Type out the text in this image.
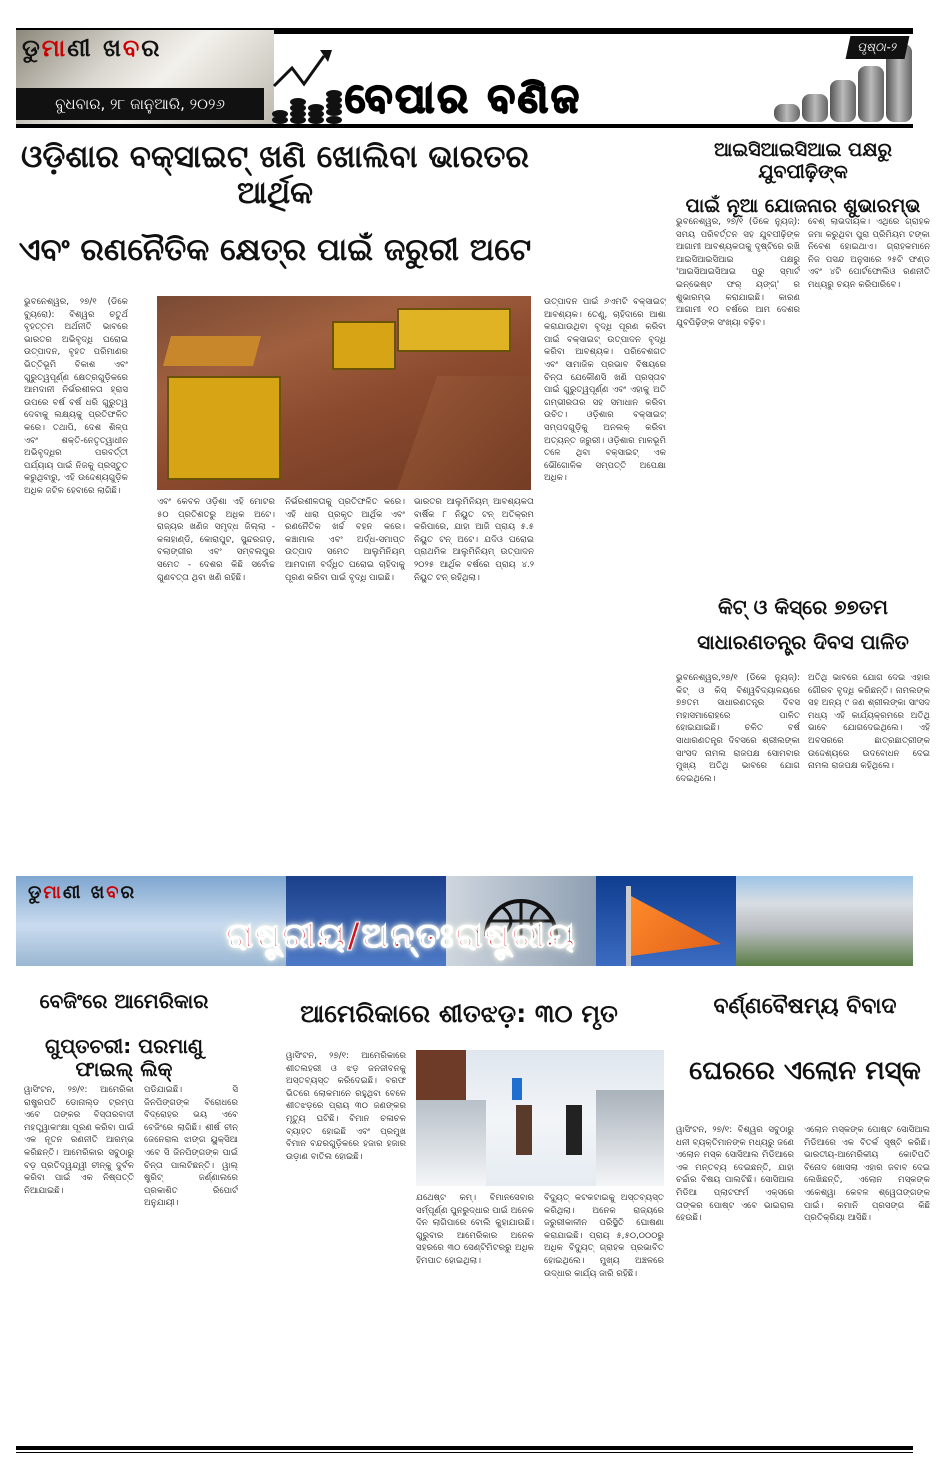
ଡୁମାଣୀ ଖବର
ବୁଧବାର, ୨୮ ଜାନୁଆରି, ୨୦୨୬	ବେପାର ବଣିଜ
ପୃଷ୍ଠା-୨
ଓଡ଼ିଶାର ବକ୍ସାଇଟ୍ ଖଣି ଖୋଲିବା ଭାରତର ଆର୍ଥିକ
ଏବଂ ରଣନୈତିକ କ୍ଷେତ୍ର ପାଇଁ ଜରୁରୀ ଅଟେ

ଭୁବନେଶ୍ୱର, ୨୭/୧ (ଡିକେ ବ୍ୟୁରୋ): ବିଶ୍ୱର ଚତୁର୍ଥ ବୃହତ୍ତମ ଅର୍ଥନୀତି ଭାବରେ ଭାରତର ଅଭିବୃଦ୍ଧି ଘରୋଇ ଉତ୍ପାଦନ, ବୃହତ ପରିମାଣର ଭିତ୍ତିଭୂମି ବିକାଶ ଏବଂ ଗୁରୁତ୍ୱପୂର୍ଣ୍ଣ କ୍ଷେତ୍ରଗୁଡ଼ିକରେ ଆମଦାନୀ ନିର୍ଭରଶୀଳତା ହ୍ରାସ ଉପରେ ବର୍ଷ ବର୍ଷ ଧରି ଗୁରୁତ୍ୱ ଦେବାକୁ ଲକ୍ଷ୍ୟକୁ ପ୍ରତିଫଳିତ କରେ। ତଥାପି, ଦେଶ ଶିଳ୍ପ ଏବଂ ଶକ୍ତି-ନେତୃତ୍ୱାଧୀନ ଅଭିବୃଦ୍ଧିର ପରବର୍ତ୍ତୀ ପର୍ଯ୍ୟାୟ ପାଇଁ ନିଜକୁ ପ୍ରସ୍ତୁତ କରୁଥିବାରୁ, ଏହି ଉଦ୍ଦେଶ୍ୟଗୁଡ଼ିକ ଅଧିକ ଜଟିଳ ହେବାରେ ଲାଗିଛି।

ଏବଂ କେବଳ ଓଡ଼ିଶା ଏହି ମୋଟର ୫୦ ପ୍ରତିଶତରୁ ଅଧିକ ଅଟେ। ରାଜ୍ୟର ଖଣିଜ ସମୃଦ୍ଧ ଜିଲ୍ଲା - କଳାହାଣ୍ଡି, କୋରାପୁଟ, ସୁନ୍ଦରଗଡ଼, ବଲାଙ୍ଗୀର ଏବଂ ସମ୍ବଲପୁର ସମେତ - ଦେଶର କିଛି ସର୍ବୋଚ୍ଚ ଗୁଣବତ୍ତା ଥିବା ଖଣି ରହିଛି।

ନିର୍ଭରଶୀଳତାକୁ ପ୍ରତିଫଳିତ କରେ। ଏହି ଧାରା ପ୍ରକୃତ ଆର୍ଥିକ ଏବଂ ରଣନୈତିକ ଖର୍ଚ୍ଚ ବହନ କରେ। କଞ୍ଚାମାଲ ଏବଂ ଅର୍ଦ୍ଧ-ସମାପ୍ତ ଉତ୍ପାଦ ସମେତ ଆଲୁମିନିୟମ୍ ଆମଦାନୀ ବର୍ଦ୍ଧିତ ଘରୋଇ ଚାହିଦାକୁ ପୂରଣ କରିବା ପାଇଁ ବୃଦ୍ଧି ପାଇଛି।

ଭାରତର ଆଲୁମିନିୟମ୍ ଆବଶ୍ୟକତା ବାର୍ଷିକ ୮ ନିୟୁତ ଟନ୍ ଅତିକ୍ରମ କରିପାରେ, ଯାହା ଆଜି ପ୍ରାୟ ୫.୫ ନିୟୁତ ଟନ୍ ଅଟେ। ଯଦିଓ ଘରୋଇ ପ୍ରାଥମିକ ଆଲୁମିନିୟମ୍ ଉତ୍ପାଦନ ୨୦୨୫ ଆର୍ଥିକ ବର୍ଷରେ ପ୍ରାୟ ୪.୨ ନିୟୁତ ଟନ୍ ରହିଥିଲା।

ଉତ୍ପାଦନ ପାଇଁ ୬ଏମଟି ବକ୍ସାଇଟ୍ ଆବଶ୍ୟକ। ତେଣୁ, ଚାହିଦାରେ ଆଶା କରାଯାଉଥିବା ବୃଦ୍ଧି ପୂରଣ କରିବା ପାଇଁ ବକ୍ସାଇଟ୍ ଉତ୍ପାଦନ ବୃଦ୍ଧି କରିବା ଆବଶ୍ୟକ। ପରିବେଶଗତ ଏବଂ ସାମାଜିକ ପ୍ରଭାବ ବିଷୟରେ ଚିନ୍ତା ଯେକୌଣସି ଖଣି ପ୍ରସ୍ତାବ ପାଇଁ ଗୁରୁତ୍ୱପୂର୍ଣ୍ଣ ଏବଂ ଏହାକୁ ଅତି ଗମ୍ଭୀରତାର ସହ ସମାଧାନ କରିବା ଉଚିତ। ଓଡ଼ିଶାର ବକ୍ସାଇଟ୍ ସମ୍ପଦଗୁଡ଼ିକୁ ଅନଲକ୍ କରିବା ଅତ୍ୟନ୍ତ ଜରୁରୀ। ଓଡ଼ିଶାର ମାଳଭୂମି ତଳେ ଥିବା ବକ୍ସାଇଟ୍ ଏକ ଭୌଗୋଳିକ ସମ୍ପତ୍ତି ଅପେକ୍ଷା ଅଧିକ।

ଆଇସିଆଇସିଆଇ ପକ୍ଷରୁ ଯୁବପୀଢ଼ିଙ୍କ
ପାଇଁ ନୂଆ ଯୋଜନାର ଶୁଭାରମ୍ଭ

ଭୁବନେଶ୍ୱର, ୨୭/୧ (ଡିକେ ନ୍ୟୁଜ୍): ସମୟ ପରିବର୍ତ୍ତନ ସହ ଯୁବପୀଢ଼ିଙ୍କ ଆଗାମୀ ଆବଶ୍ୟକତାକୁ ଦୃଷ୍ଟିରେ ରଖି ଆଇସିଆଇସିଆଇ ପକ୍ଷରୁ 'ଆଇସିଆଇସିଆଇ ପ୍ରୁ ସ୍ମାର୍ଟ ଇନ୍‌ଭେଷ୍ଟ ଫର୍ ୟଙ୍ଗ୍' ର ଶୁଭାରମ୍ଭ କରାଯାଇଛି। କାରଣ ଆଗାମୀ ୧୦ ବର୍ଷରେ ଆମ ଦେଶର ଯୁବପିଢ଼ିଙ୍କ ସଂଖ୍ୟା ବଢ଼ିବ।

ବେଶ୍ ଲାଭଦାୟକ। ଏଥିରେ ଗ୍ରାହକ ଜମା କରୁଥିବା ପୁରା ପ୍ରିମିୟମ ଟଙ୍କା ନିବେଶ ହୋଇଥାଏ। ଗ୍ରାହକମାନେ ନିଜ ପସନ୍ଦ ଅନୁସାରେ ୨୫ଟି ଫଣ୍ଡ ଏବଂ ୪ଟି ପୋର୍ଟଫୋଲିଓ ରଣନୀତି ମଧ୍ୟରୁ ଚୟନ କରିପାରିବେ।

କିଟ୍ ଓ କିସ୍‌ରେ ୭୭ତମ
ସାଧାରଣତନ୍ତ୍ର ଦିବସ ପାଳିତ

ଭୁବନେଶ୍ୱର,୨୭/୧ (ଡିକେ ନ୍ୟୁଜ୍): କିଟ୍ ଓ କିସ୍ ବିଶ୍ୱବିଦ୍ୟାଳୟରେ ୭୭ତମ ସାଧାରଣତନ୍ତ୍ର ଦିବସ ମହାସମାରୋହରେ ପାଳିତ ହୋଇଯାଇଛି। ଚଳିତ ବର୍ଷ ସାଧାରଣତନ୍ତ୍ର ଦିବସରେ ଶ୍ରୀଲଙ୍କା ସାଂସଦ ନାମଲ ରାଜପକ୍ଷ ସୋମବାର ମୁଖ୍ୟ ଅତିଥି ଭାବରେ ଯୋଗ ଦେଇଥିଲେ।

ଅତିଥି ଭାବରେ ଯୋଗ ଦେଇ ଏହାର ଗୌରବ ବୃଦ୍ଧି କରିଛନ୍ତି। ନାମଲଙ୍କ ସହ ଅନ୍ୟ ୯ ଜଣ ଶ୍ରୀଲଙ୍କା ସାଂସଦ ମଧ୍ୟ ଏହି କାର୍ଯ୍ୟକ୍ରମରେ ଅତିଥି ଭାବେ ଯୋଗଦେଇଥିଲେ। ଏହି ଅବସରରେ ଛାତ୍ରଛାତ୍ରୀଙ୍କ ଉଦ୍ଦେଶ୍ୟରେ ଉଦବୋଧନ ଦେଇ ନାମଲ ରାଜପକ୍ଷ କହିଥିଲେ।

ଡୁମାଣୀ ଖବର
ରାଷ୍ଟ୍ରୀୟ/ଅନ୍ତଃରାଷ୍ଟ୍ରୀୟ
ବେଜିଂରେ ଆମେରିକାର
ଗୁପ୍ତଚରୀ: ପରମାଣୁ ଫାଇଲ୍ ଲିକ୍

ୱାସିଂଟନ, ୨୭/୧: ଆମେରିକା ରାଷ୍ଟ୍ରପତି ଡୋନାଲ୍ଡ ଟ୍ରମ୍ପ ଏବେ ତାଙ୍କର ବିସ୍ତାରବାଦୀ ମହତ୍ତ୍ୱାକାଂକ୍ଷା ପୂରଣ କରିବା ପାଇଁ ଏକ ନୂତନ ରଣନୀତି ଆରମ୍ଭ କରିଛନ୍ତି। ଆମେରିକାର ସବୁଠାରୁ ବଡ଼ ପ୍ରତିଦ୍ୱନ୍ଦ୍ୱୀ ଚୀନ୍‌କୁ ଦୁର୍ବଳ କରିବା ପାଇଁ ଏକ ନିଷ୍ପତ୍ତି ନିଆଯାଇଛି।

ପଡିଯାଇଛି। ସି ଜିନପିଙ୍ଗଙ୍କ ବିରୋଧରେ ବିଦ୍ରୋହର ଭୟ ଏବେ ବେଜିଂରେ ଲାଗିଛି। ଶୀର୍ଷ ଚୀନ୍ ଜେନେରାଲ ଝାଙ୍ଗ ୟୁକ୍ସିଆ ଏବେ ସି ଜିନପିଙ୍ଗଙ୍କ ପାଇଁ ଚିନ୍ତା ପାଲଟିଛନ୍ତି। ୱାଲ୍ ଷ୍ଟ୍ରିଟ୍ ଜର୍ଣ୍ଣାଲରେ ପ୍ରକାଶିତ ରିପୋର୍ଟ ଅନୁଯାୟୀ।

ଆମେରିକାରେ ଶୀତଝଡ଼: ୩୦ ମୃତ

ୱାସିଂଟନ, ୨୭/୧: ଆମେରିକାରେ ଶୀତଲହରୀ ଓ ଝଡ଼ ଜନଜୀବନକୁ ଅସ୍ତବ୍ୟସ୍ତ କରିଦେଇଛି। ବରଫ ଭିତରେ ଲୋକମାନେ ରହୁଥିବା ବେଳେ ଶୀତଝଡ଼ରେ ପ୍ରାୟ ୩୦ ଜଣଙ୍କର ମୃତ୍ୟୁ ଘଟିଛି। ବିମାନ ଚଳାଚଳ ବ୍ୟାହତ ହୋଇଛି ଏବଂ ପ୍ରମୁଖ ବିମାନ ବନ୍ଦରଗୁଡ଼ିକରେ ହଜାର ହଜାର ଉଡ଼ାଣ ବାତିଲ ହୋଇଛି।

ଯଥେଷ୍ଟ କମ୍। ବିମାନସେବାର ସର୍ମ୍ପୂର୍ଣ୍ଣ ପୁନରୁଦ୍ଧାର ପାଇଁ ଅନେକ ଦିନ ଲାଗିପାରେ ବୋଲି କୁହାଯାଉଛି। ଗୁରୁବାର ଆମେରିକାର ଅନେକ ସହରରେ ୩୦ ସେଣ୍ଟିମିଟରରୁ ଅଧିକ ହିମପାତ ହୋଇଥିଲା।

ବିଦ୍ୟୁତ୍ କଟକଟାଇକୁ ଅସ୍ତବ୍ୟସ୍ତ କରିଥିଲା। ଅନେକ ରାଜ୍ୟରେ ଜରୁରୀକାଳୀନ ପରିସ୍ଥିତି ଘୋଷଣା କରାଯାଇଛି। ପ୍ରାୟ ୫,୫୦,୦୦୦ରୁ ଅଧିକ ବିଦ୍ୟୁତ୍ ଗ୍ରାହକ ପ୍ରଭାବିତ ହୋଇଥିଲେ। ମୁଖ୍ୟ ଅଞ୍ଚଳରେ ଉଦ୍ଧାର କାର୍ଯ୍ୟ ଜାରି ରହିଛି।

ବର୍ଣ୍ଣବୈଷମ୍ୟ ବିବାଦ
ଘେରରେ ଏଲୋନ ମସ୍କ

ୱାସିଂଟନ, ୨୭/୧: ବିଶ୍ୱର ସବୁଠାରୁ ଧନୀ ବ୍ୟକ୍ତିମାନଙ୍କ ମଧ୍ୟରୁ ଜଣେ ଏଲୋନ ମସ୍କ ସୋସିଆଲ ମିଡିଆରେ ଏକ ମନ୍ତବ୍ୟ ଦେଇଛନ୍ତି, ଯାହା ଚର୍ଚ୍ଚାର ବିଷୟ ପାଲଟିଛି। ସୋସିଆଲ ମିଡିଆ ପ୍ଲାଟଫର୍ମ ଏକ୍ସରେ ତାଙ୍କର ପୋଷ୍ଟ ଏବେ ଭାଇରାଲ ହେଉଛି।

ଏଲୋନ ମସ୍କଙ୍କ ପୋଷ୍ଟ ସୋସିଆଲ ମିଡିଆରେ ଏକ ବିତର୍କ ସୃଷ୍ଟି କରିଛି। ଭାରତୀୟ-ଆମେରିକୀୟ କୋଟିପତି ବିନୋଦ ଖୋସଲା ଏହାର ଜବାବ ଦେଇ ଲେଖିଛନ୍ତି, ଏଲୋନ ମସ୍କଙ୍କ ଏକେଶ୍ୱା କେବଳ ଶ୍ୱେତାଙ୍ଗଙ୍କ ପାଇଁ। କମାନି ପ୍ରସଙ୍ଗ କିଛି ପ୍ରତିକ୍ରିୟା ଆସିଛି।
